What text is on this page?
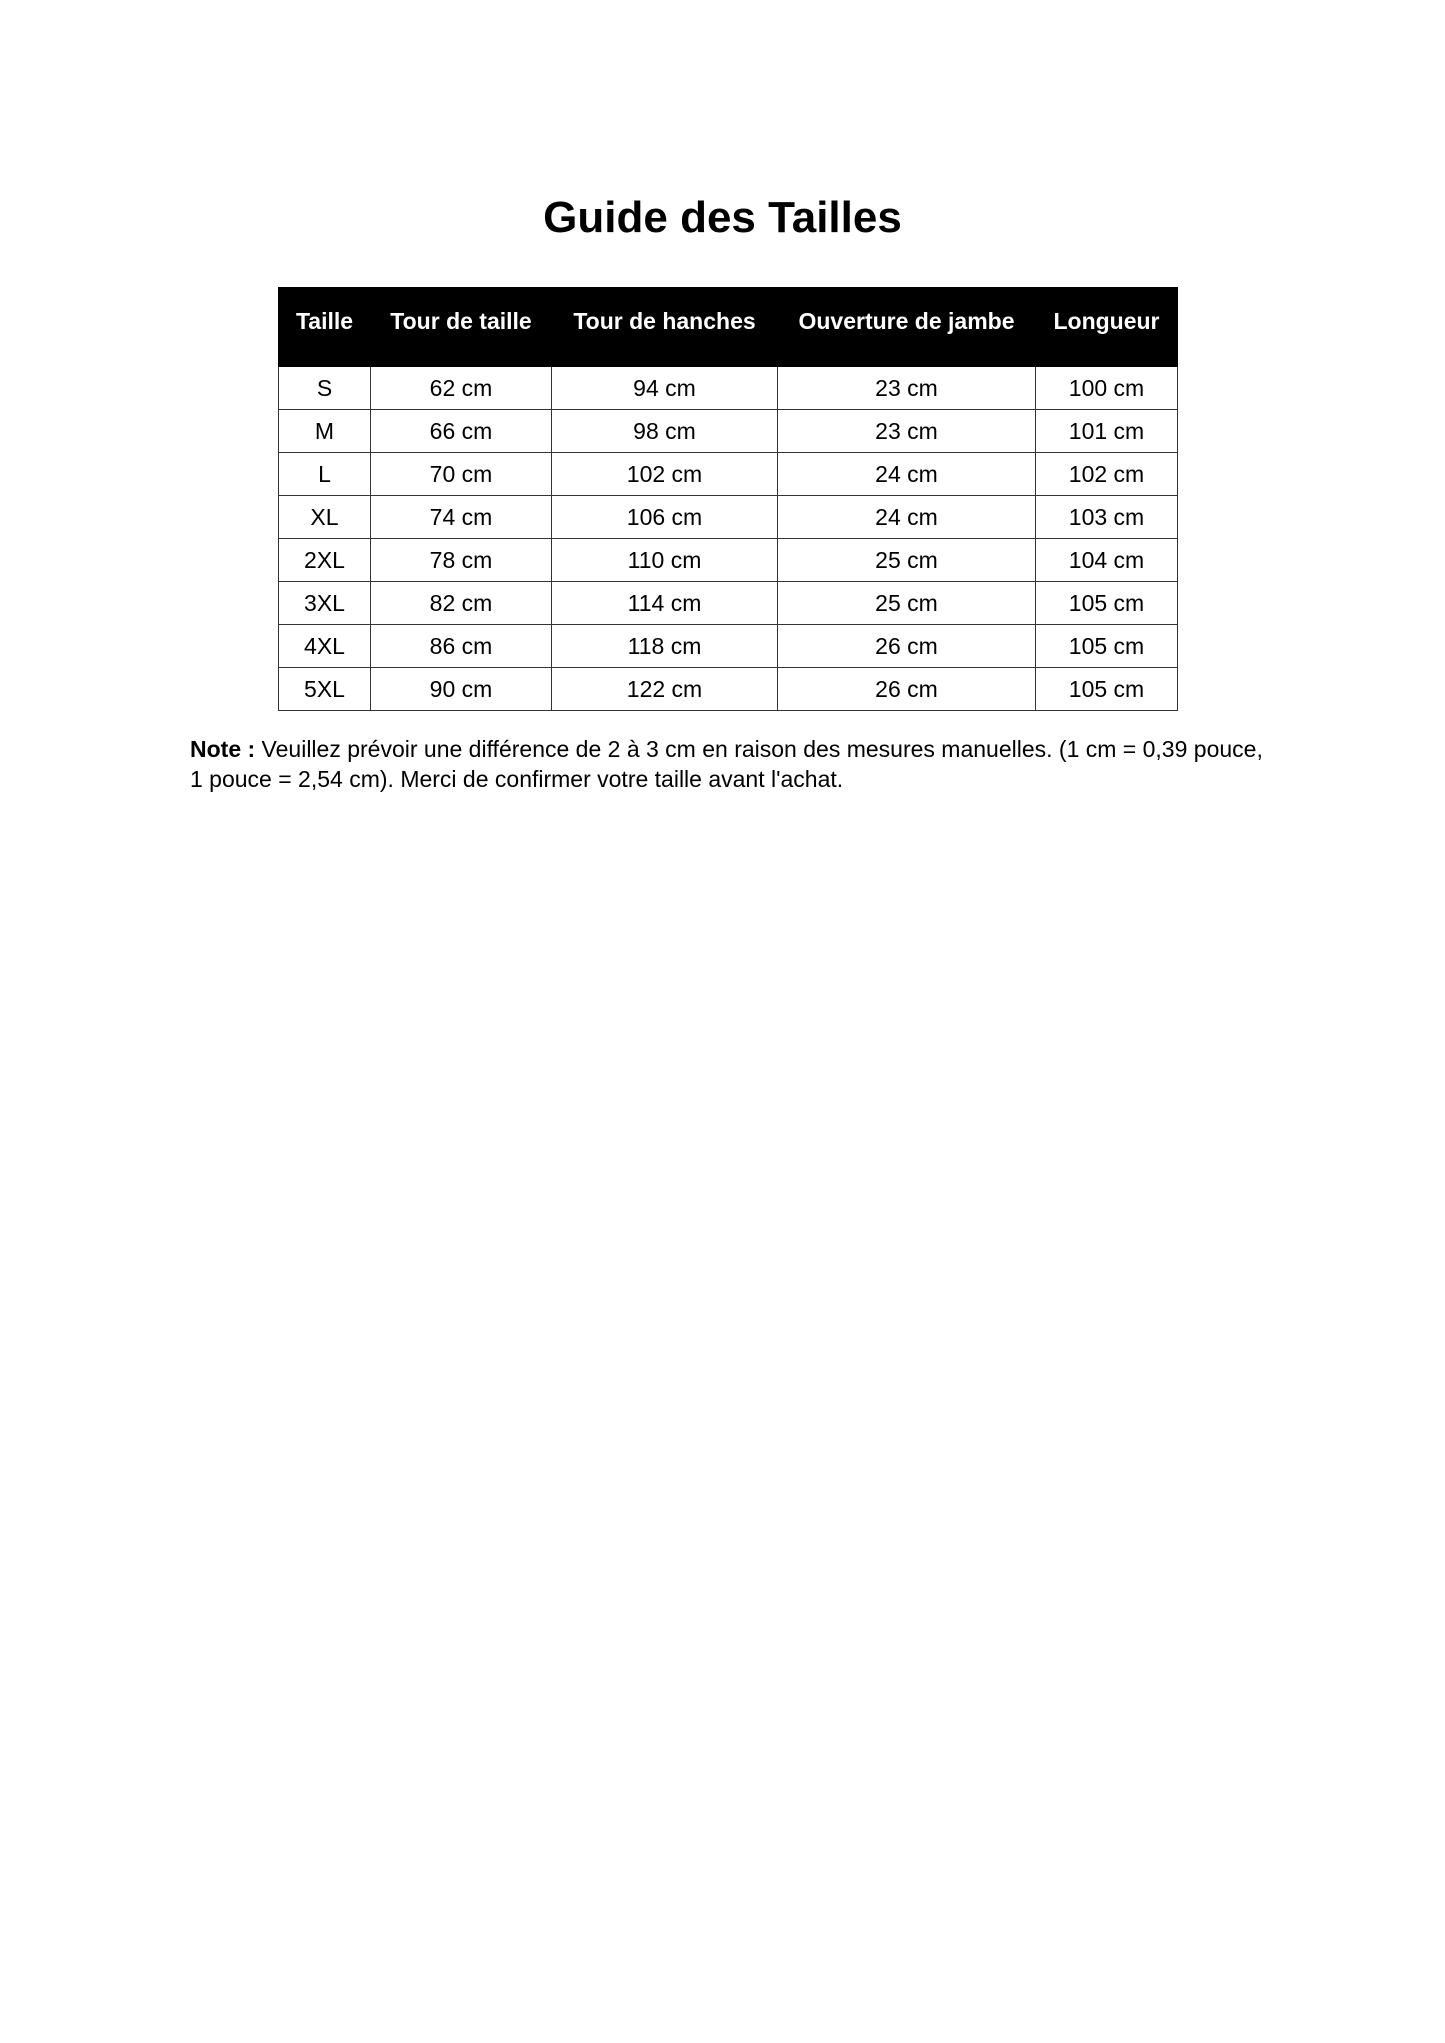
Guide des Tailles
Taille	Tour de taille	Tour de hanches	Ouverture de jambe	Longueur
S	62 cm	94 cm	23 cm	100 cm
M	66 cm	98 cm	23 cm	101 cm
L	70 cm	102 cm	24 cm	102 cm
XL	74 cm	106 cm	24 cm	103 cm
2XL	78 cm	110 cm	25 cm	104 cm
3XL	82 cm	114 cm	25 cm	105 cm
4XL	86 cm	118 cm	26 cm	105 cm
5XL	90 cm	122 cm	26 cm	105 cm

Note : Veuillez prévoir une différence de 2 à 3 cm en raison des mesures manuelles. (1 cm = 0,39 pouce, 1 pouce = 2,54 cm). Merci de confirmer votre taille avant l'achat.
